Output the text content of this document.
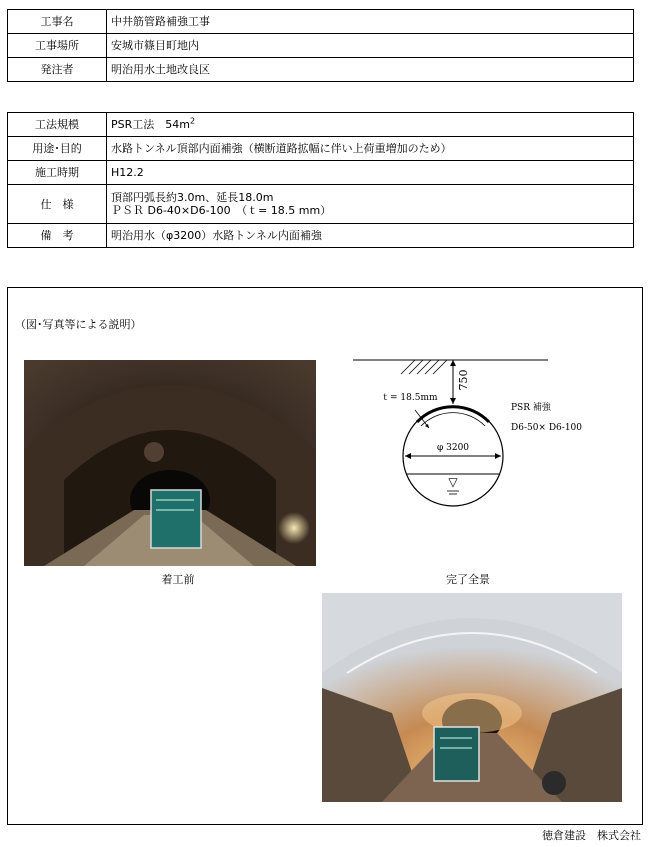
工事名	中井筋管路補強工事
工事場所	安城市篠目町地内
発注者	明治用水土地改良区
工法規模	PSR工法　$54m^2$
用途･目的	水路トンネル頂部内面補強（横断道路拡幅に伴い上荷重増加のため）
施工時期	H12.2
仕　様	頂部円弧長約3.0m、延長18.0m
ＰＳＲ D6-40×D6-100　（ｔ= 18.5 mm）

備　考	明治用水（φ3200）水路トンネル内面補強
（図･写真等による説明）
着工前	完了全景
750
φ 3200
▽
ｔ= 18.5mm
PSR 補強
D6-50× D6-100
徳倉建設　株式会社
